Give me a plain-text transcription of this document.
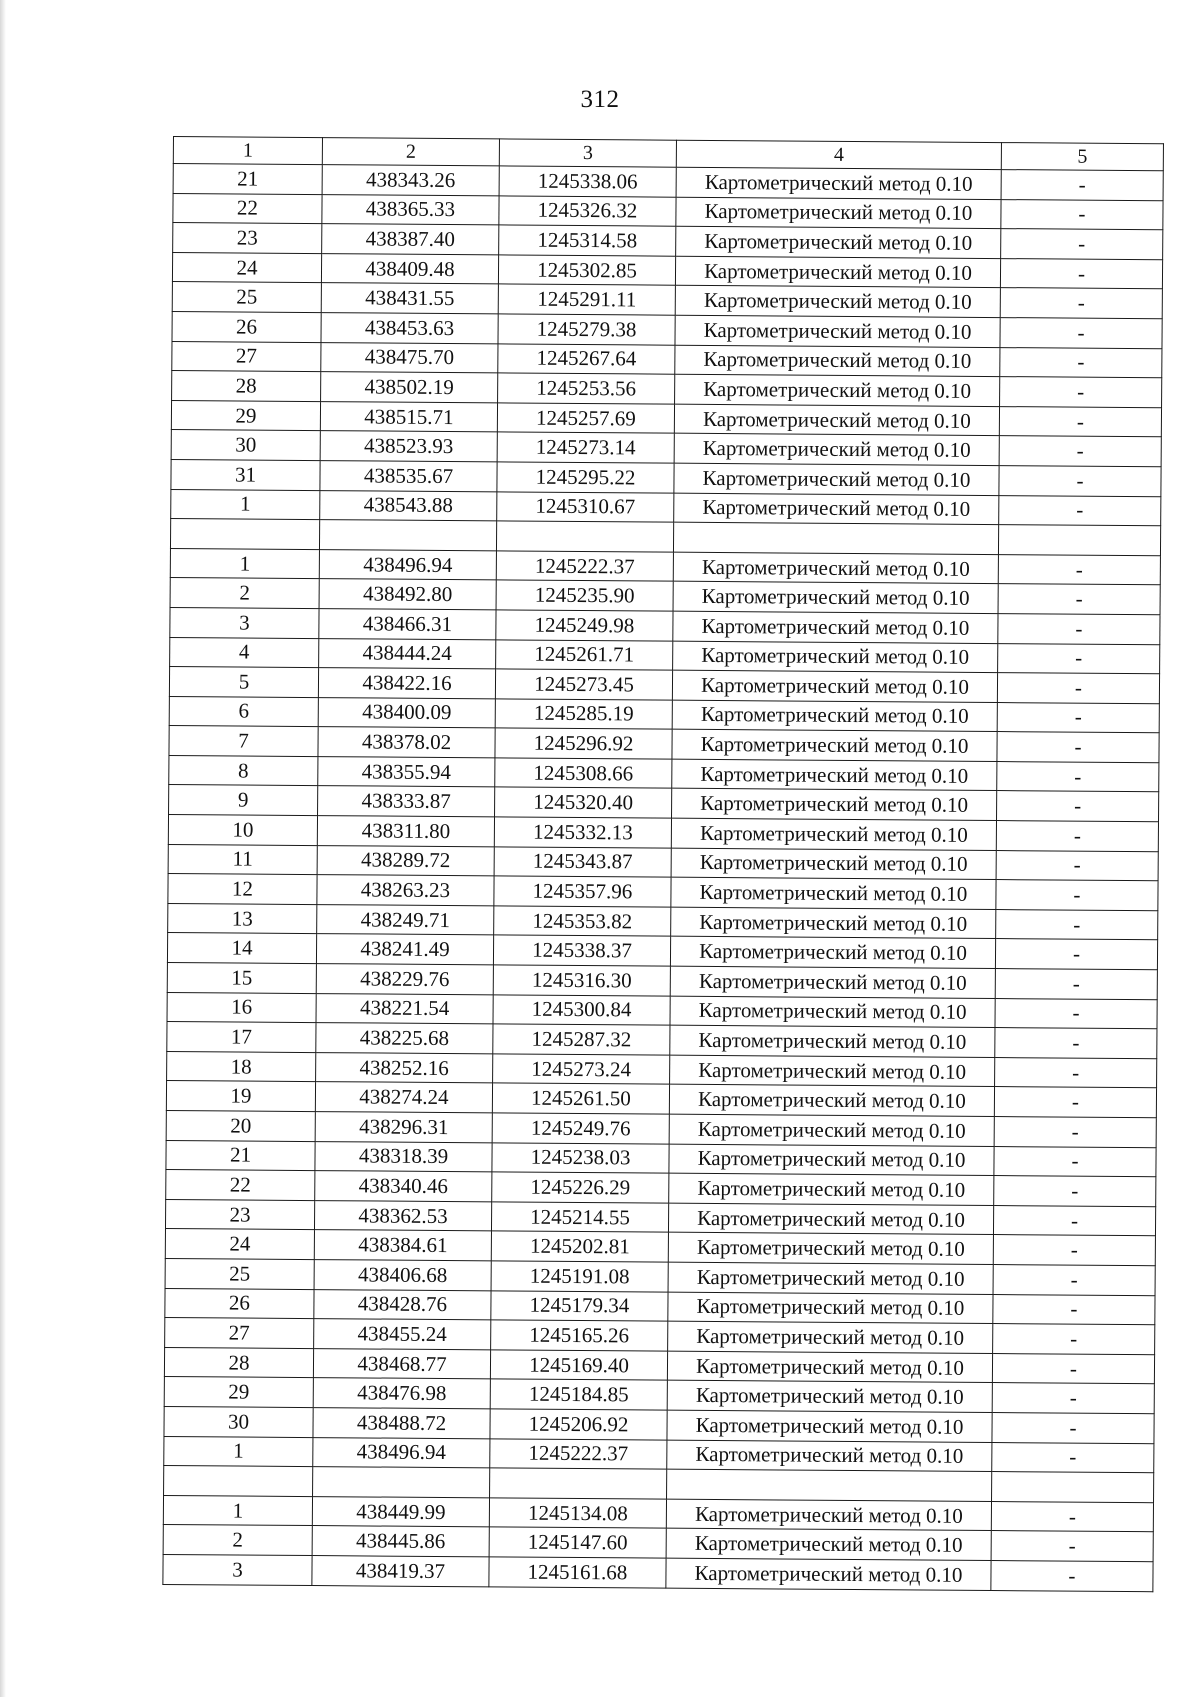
312
1	2	3	4	5
21	438343.26	1245338.06	Картометрический метод 0.10	-
22	438365.33	1245326.32	Картометрический метод 0.10	-
23	438387.40	1245314.58	Картометрический метод 0.10	-
24	438409.48	1245302.85	Картометрический метод 0.10	-
25	438431.55	1245291.11	Картометрический метод 0.10	-
26	438453.63	1245279.38	Картометрический метод 0.10	-
27	438475.70	1245267.64	Картометрический метод 0.10	-
28	438502.19	1245253.56	Картометрический метод 0.10	-
29	438515.71	1245257.69	Картометрический метод 0.10	-
30	438523.93	1245273.14	Картометрический метод 0.10	-
31	438535.67	1245295.22	Картометрический метод 0.10	-
1	438543.88	1245310.67	Картометрический метод 0.10	-

1	438496.94	1245222.37	Картометрический метод 0.10	-
2	438492.80	1245235.90	Картометрический метод 0.10	-
3	438466.31	1245249.98	Картометрический метод 0.10	-
4	438444.24	1245261.71	Картометрический метод 0.10	-
5	438422.16	1245273.45	Картометрический метод 0.10	-
6	438400.09	1245285.19	Картометрический метод 0.10	-
7	438378.02	1245296.92	Картометрический метод 0.10	-
8	438355.94	1245308.66	Картометрический метод 0.10	-
9	438333.87	1245320.40	Картометрический метод 0.10	-
10	438311.80	1245332.13	Картометрический метод 0.10	-
11	438289.72	1245343.87	Картометрический метод 0.10	-
12	438263.23	1245357.96	Картометрический метод 0.10	-
13	438249.71	1245353.82	Картометрический метод 0.10	-
14	438241.49	1245338.37	Картометрический метод 0.10	-
15	438229.76	1245316.30	Картометрический метод 0.10	-
16	438221.54	1245300.84	Картометрический метод 0.10	-
17	438225.68	1245287.32	Картометрический метод 0.10	-
18	438252.16	1245273.24	Картометрический метод 0.10	-
19	438274.24	1245261.50	Картометрический метод 0.10	-
20	438296.31	1245249.76	Картометрический метод 0.10	-
21	438318.39	1245238.03	Картометрический метод 0.10	-
22	438340.46	1245226.29	Картометрический метод 0.10	-
23	438362.53	1245214.55	Картометрический метод 0.10	-
24	438384.61	1245202.81	Картометрический метод 0.10	-
25	438406.68	1245191.08	Картометрический метод 0.10	-
26	438428.76	1245179.34	Картометрический метод 0.10	-
27	438455.24	1245165.26	Картометрический метод 0.10	-
28	438468.77	1245169.40	Картометрический метод 0.10	-
29	438476.98	1245184.85	Картометрический метод 0.10	-
30	438488.72	1245206.92	Картометрический метод 0.10	-
1	438496.94	1245222.37	Картометрический метод 0.10	-

1	438449.99	1245134.08	Картометрический метод 0.10	-
2	438445.86	1245147.60	Картометрический метод 0.10	-
3	438419.37	1245161.68	Картометрический метод 0.10	-
